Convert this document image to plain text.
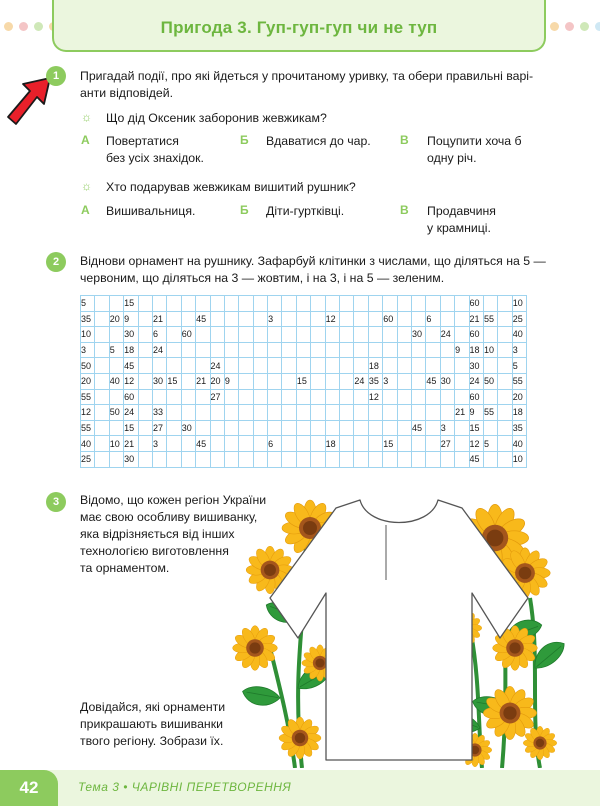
Пригода 3. Гуп-гуп-гуп чи не туп
1	Пригадай події, про які йдеться у прочитаному уривку, та обери правильні варі-
анти відповідей.
☼ Що дід Оксеник заборонив жевжикам?
А Повертатися
без усіх знахідок.
Б Вдаватися до чар. В Поцупити хоча б
одну річ.
☼ Хто подарував жевжикам вишитий рушник?
А Вишивальниця.	Б Діти-гуртківці.	В Продавчиня
у крамниці.
2	Віднови орнамент на рушнику. Зафарбуй клітинки з числами, що діляться на 5 —
червоним, що діляться на 3 — жовтим, і на 3, і на 5 — зеленим.
5			15																								60			10
35		20	9		21			45					3				12				60			6			21	55		25
10			30		6		60																30		24		60			40
3		5	18		24																					9	18	10		3
50			45						24											18							30			5
20		40	12		30	15		21	20	9					15				24	35	3			45	30		24	50		55
55			60						27											12							60			20
12		50	24		33																					21	9	55		18
55			15		27		30																45		3		15			35
40		10	21		3			45					6				18				15				27		12	5		40
25			30																								45			10
3	Відомо, що кожен регіон України
має свою особливу вишиванку,
яка відрізняється від інших
технологією виготовлення
та орнаментом.
Довідайся, які орнаменти
прикрашають вишиванки
твого регіону. Зобрази їх.
42	Тема 3 • ЧАРІВНІ ПЕРЕТВОРЕННЯ
